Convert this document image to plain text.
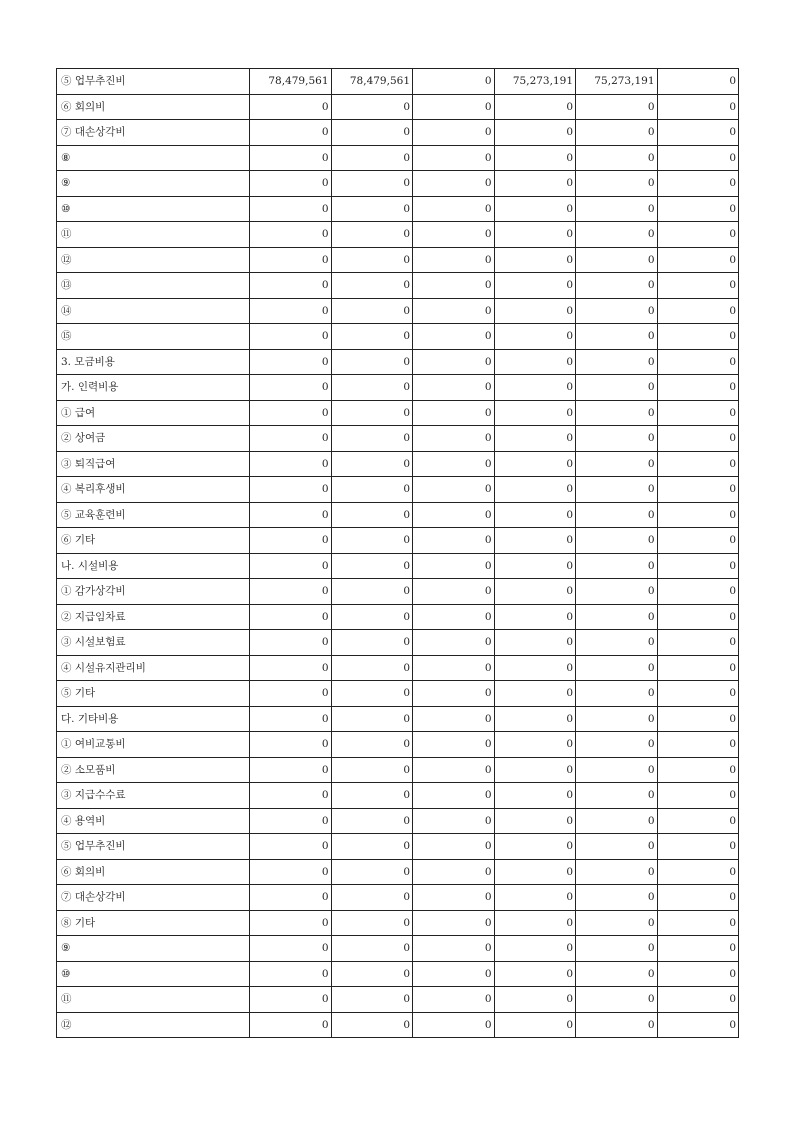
⑤ 업무추진비	78,479,561	78,479,561	0	75,273,191	75,273,191	0
⑥ 회의비	0	0	0	0	0	0
⑦ 대손상각비	0	0	0	0	0	0
⑧	0	0	0	0	0	0
⑨	0	0	0	0	0	0
⑩	0	0	0	0	0	0
⑪	0	0	0	0	0	0
⑫	0	0	0	0	0	0
⑬	0	0	0	0	0	0
⑭	0	0	0	0	0	0
⑮	0	0	0	0	0	0
3. 모금비용	0	0	0	0	0	0
가. 인력비용	0	0	0	0	0	0
① 급여	0	0	0	0	0	0
② 상여금	0	0	0	0	0	0
③ 퇴직급여	0	0	0	0	0	0
④ 복리후생비	0	0	0	0	0	0
⑤ 교육훈련비	0	0	0	0	0	0
⑥ 기타	0	0	0	0	0	0
나. 시설비용	0	0	0	0	0	0
① 감가상각비	0	0	0	0	0	0
② 지급임차료	0	0	0	0	0	0
③ 시설보험료	0	0	0	0	0	0
④ 시설유지관리비	0	0	0	0	0	0
⑤ 기타	0	0	0	0	0	0
다. 기타비용	0	0	0	0	0	0
① 여비교통비	0	0	0	0	0	0
② 소모품비	0	0	0	0	0	0
③ 지급수수료	0	0	0	0	0	0
④ 용역비	0	0	0	0	0	0
⑤ 업무추진비	0	0	0	0	0	0
⑥ 회의비	0	0	0	0	0	0
⑦ 대손상각비	0	0	0	0	0	0
⑧ 기타	0	0	0	0	0	0
⑨	0	0	0	0	0	0
⑩	0	0	0	0	0	0
⑪	0	0	0	0	0	0
⑫	0	0	0	0	0	0
